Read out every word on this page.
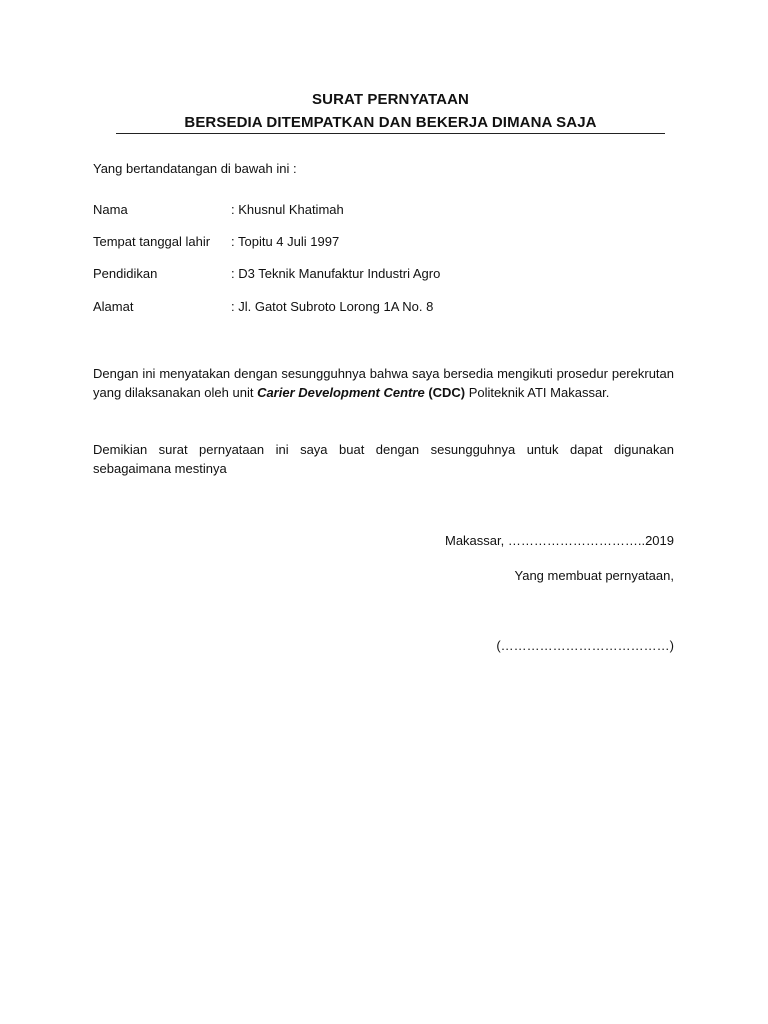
SURAT PERNYATAAN
BERSEDIA DITEMPATKAN DAN BEKERJA DIMANA SAJA
Yang bertandatangan di bawah ini :
Nama	: Khusnul Khatimah
Tempat tanggal lahir : Topitu 4 Juli 1997
Pendidikan	: D3 Teknik Manufaktur Industri Agro
Alamat	: Jl. Gatot Subroto Lorong 1A No. 8
Dengan ini menyatakan dengan sesungguhnya bahwa saya bersedia mengikuti prosedur perekrutan yang dilaksanakan oleh unit Carier Development Centre (CDC) Politeknik ATI Makassar.
Demikian surat pernyataan ini saya buat dengan sesungguhnya untuk dapat digunakan sebagaimana mestinya
Makassar, …………………………..2019
Yang membuat pernyataan,
(…………………………………)
